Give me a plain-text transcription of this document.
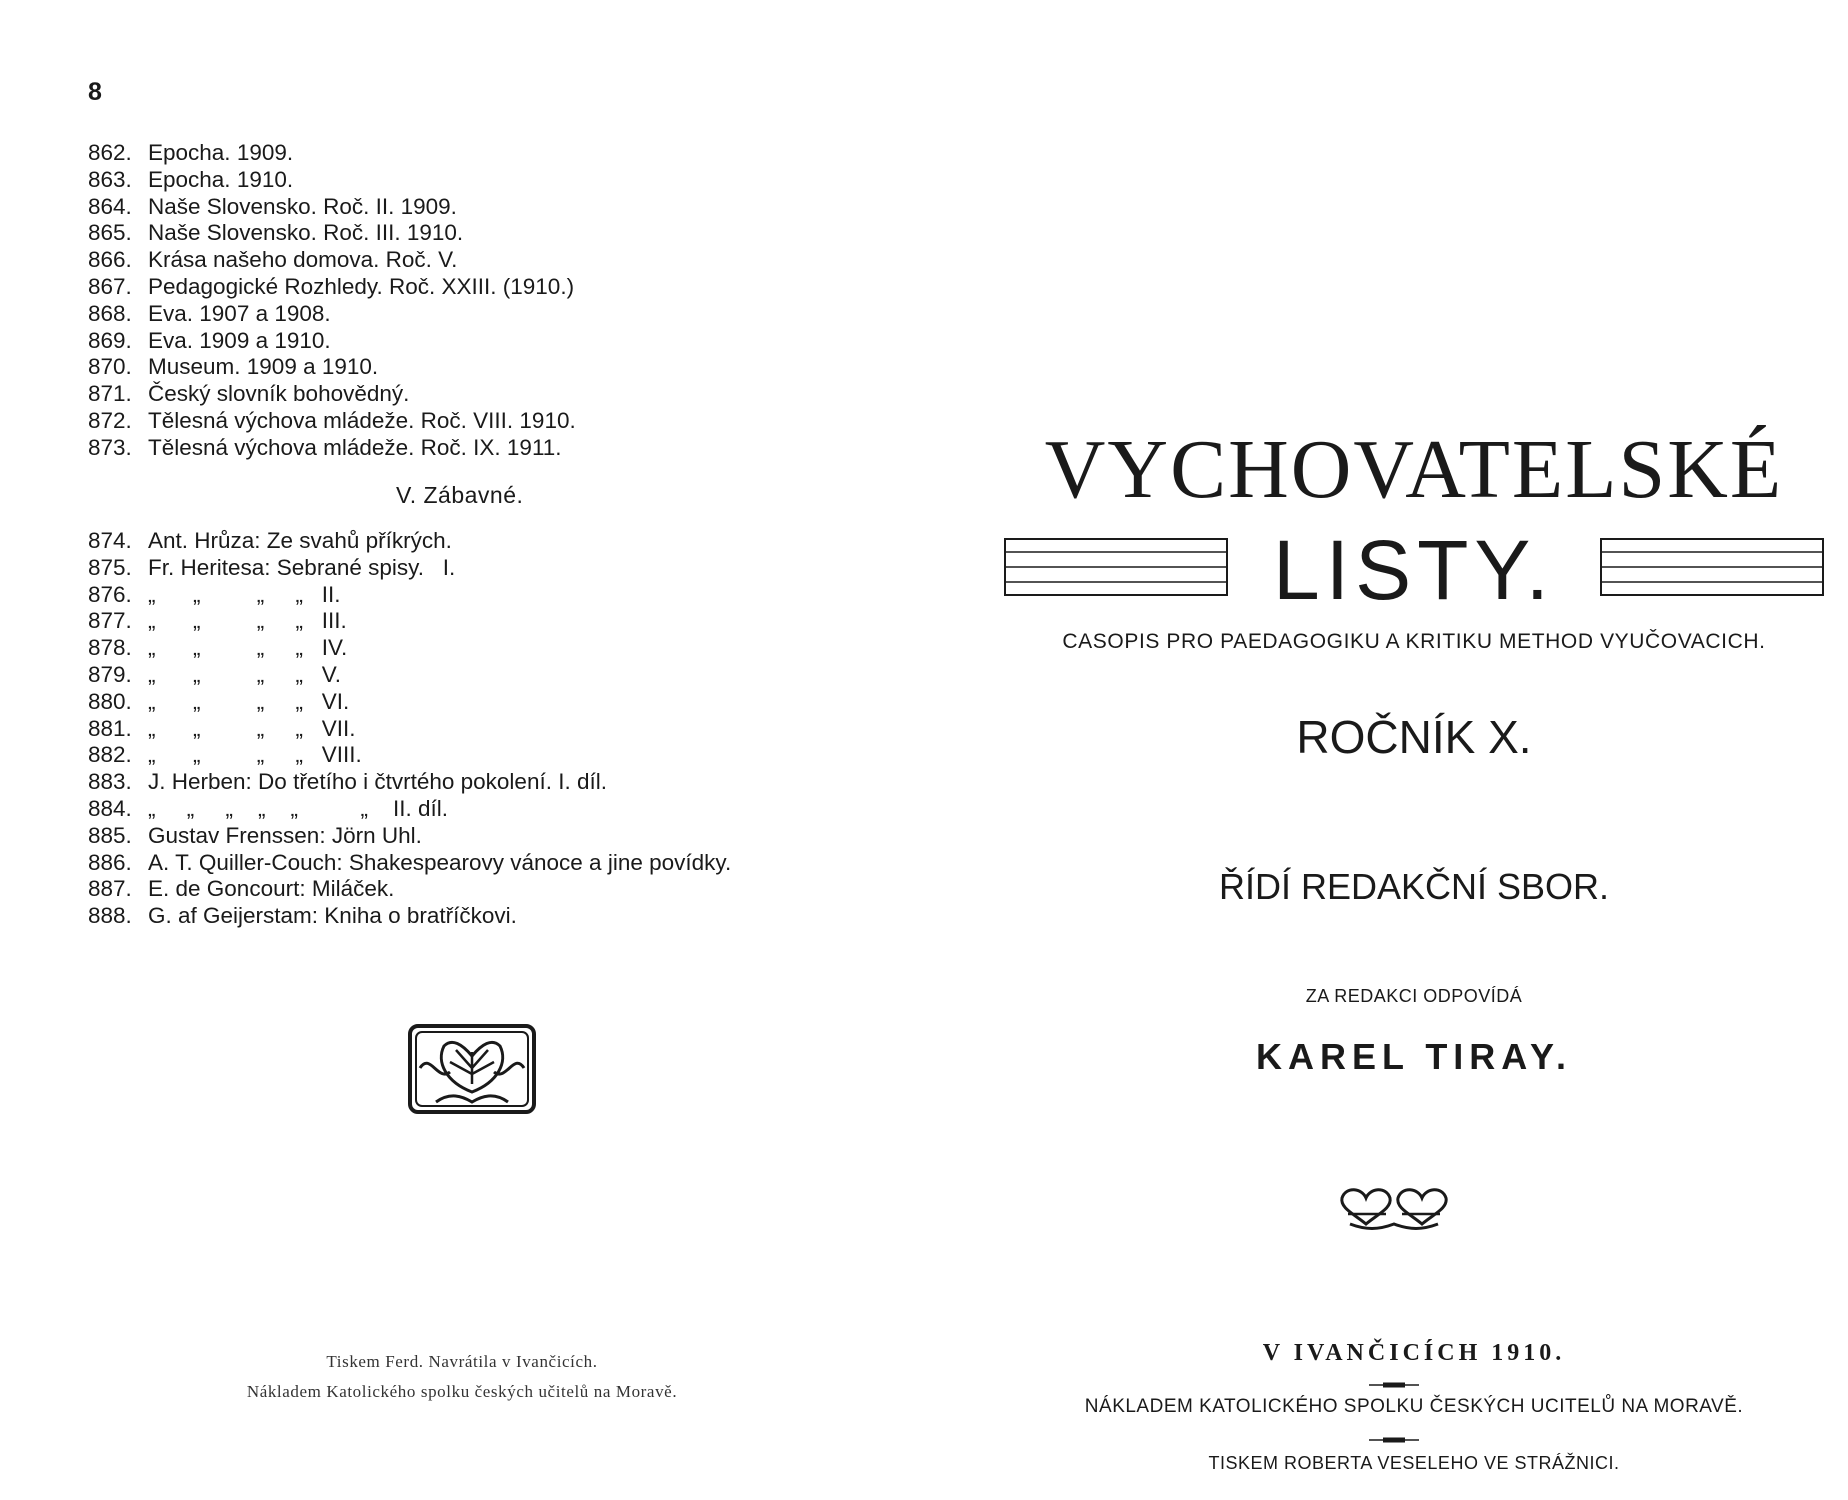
8
862. Epocha. 1909.
863. Epocha. 1910.
864. Naše Slovensko. Roč. II. 1909.
865. Naše Slovensko. Roč. III. 1910.
866. Krása našeho domova. Roč. V.
867. Pedagogické Rozhledy. Roč. XXIII. (1910.)
868. Eva. 1907 a 1908.
869. Eva. 1909 a 1910.
870. Museum. 1909 a 1910.
871. Český slovník bohovědný.
872. Tělesná výchova mládeže. Roč. VIII. 1910.
873. Tělesná výchova mládeže. Roč. IX. 1911.
V. Zábavné.
874. Ant. Hrůza: Ze svahů příkrých.
875. Fr. Heritesa: Sebrané spisy.   I.
876. „      „         „     „   II.
877. „      „         „     „   III.
878. „      „         „     „   IV.
879. „      „         „     „   V.
880. „      „         „     „   VI.
881. „      „         „     „   VII.
882. „      „         „     „   VIII.
883. J. Herben: Do třetího i čtvrtého pokolení. I. díl.
884. „     „     „    „    „          „    II. díl.
885. Gustav Frenssen: Jörn Uhl.
886. A. T. Quiller-Couch: Shakespearovy vánoce a jine povídky.
887. E. de Goncourt: Miláček.
888. G. af Geijerstam: Kniha o bratříčkovi.
Tiskem Ferd. Navrátila v Ivančicích.
Nákladem Katolického spolku českých učitelů na Moravě.
VYCHOVATELSKÉ
LISTY.
CASOPIS PRO PAEDAGOGIKU A KRITIKU METHOD VYUČOVACICH.
ROČNÍK X.
ŘÍDÍ REDAKČNÍ SBOR.
ZA REDAKCI ODPOVÍDÁ
KAREL TIRAY.
V IVANČICÍCH 1910.
NÁKLADEM KATOLICKÉHO SPOLKU ČESKÝCH UCITELŮ NA MORAVĚ.
TISKEM ROBERTA VESELEHO VE STRÁŽNICI.
